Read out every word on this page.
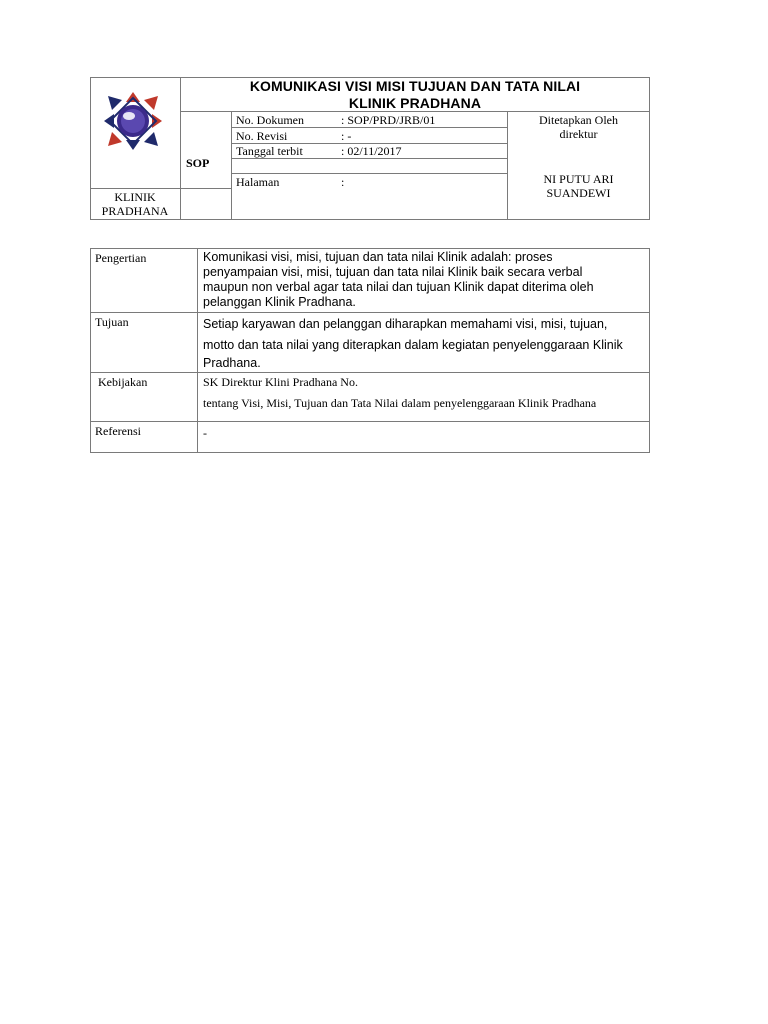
KOMUNIKASI VISI MISI TUJUAN DAN TATA NILAI
KLINIK PRADHANA
SOP
KLINIK
PRADHANA
No. Dokumen	: SOP/PRD/JRB/01
No. Revisi	: -
Tanggal terbit	: 02/11/2017
Halaman	:
Ditetapkan Oleh
direktur
NI PUTU ARI
SUANDEWI
Pengertian	Komunikasi visi, misi, tujuan dan tata nilai Klinik adalah: proses
penyampaian visi, misi, tujuan dan tata nilai Klinik baik secara verbal
maupun non verbal agar tata nilai dan tujuan Klinik dapat diterima oleh
pelanggan Klinik Pradhana.
Tujuan	Setiap karyawan dan pelanggan diharapkan memahami visi, misi, tujuan,
motto dan tata nilai yang diterapkan dalam kegiatan penyelenggaraan Klinik
Pradhana.
Kebijakan	SK Direktur Klini Pradhana No.
tentang Visi, Misi, Tujuan dan Tata Nilai dalam penyelenggaraan Klinik Pradhana
Referensi	-
